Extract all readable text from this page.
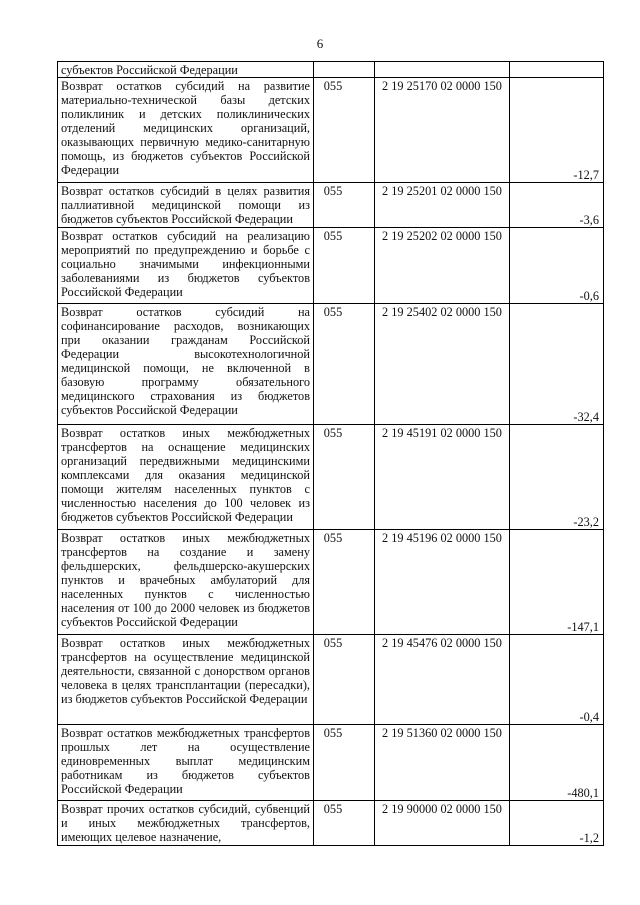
6
субъектов Российской Федерации			
Возврат остатков субсидий на развитие материально-технической базы детских поликлиник и детских поликлинических отделений медицинских организаций, оказывающих первичную медико-санитарную помощь, из бюджетов субъектов Российской Федерации	055	2 19 25170 02 0000 150	-12,7
Возврат остатков субсидий в целях развития паллиативной медицинской помощи из бюджетов субъектов Российской Федерации	055	2 19 25201 02 0000 150	-3,6
Возврат остатков субсидий на реализацию мероприятий по предупреждению и борьбе с социально значимыми инфекционными заболеваниями из бюджетов субъектов Российской Федерации	055	2 19 25202 02 0000 150	-0,6
Возврат остатков субсидий на софинансирование расходов, возникающих при оказании гражданам Российской Федерации высокотехнологичной медицинской помощи, не включенной в базовую программу обязательного медицинского страхования из бюджетов субъектов Российской Федерации	055	2 19 25402 02 0000 150	-32,4
Возврат остатков иных межбюджетных трансфертов на оснащение медицинских организаций передвижными медицинскими комплексами для оказания медицинской помощи жителям населенных пунктов с численностью населения до 100 человек из бюджетов субъектов Российской Федерации	055	2 19 45191 02 0000 150	-23,2
Возврат остатков иных межбюджетных трансфертов на создание и замену фельдшерских, фельдшерско-акушерских пунктов и врачебных амбулаторий для населенных пунктов с численностью населения от 100 до 2000 человек из бюджетов субъектов Российской Федерации	055	2 19 45196 02 0000 150	-147,1
Возврат остатков иных межбюджетных трансфертов на осуществление медицинской деятельности, связанной с донорством органов человека в целях трансплантации (пересадки), из бюджетов субъектов Российской Федерации	055	2 19 45476 02 0000 150	-0,4
Возврат остатков межбюджетных трансфертов прошлых лет на осуществление единовременных выплат медицинским работникам из бюджетов субъектов Российской Федерации	055	2 19 51360 02 0000 150	-480,1
Возврат прочих остатков субсидий, субвенций и иных межбюджетных трансфертов, имеющих целевое назначение,	055	2 19 90000 02 0000 150	-1,2
